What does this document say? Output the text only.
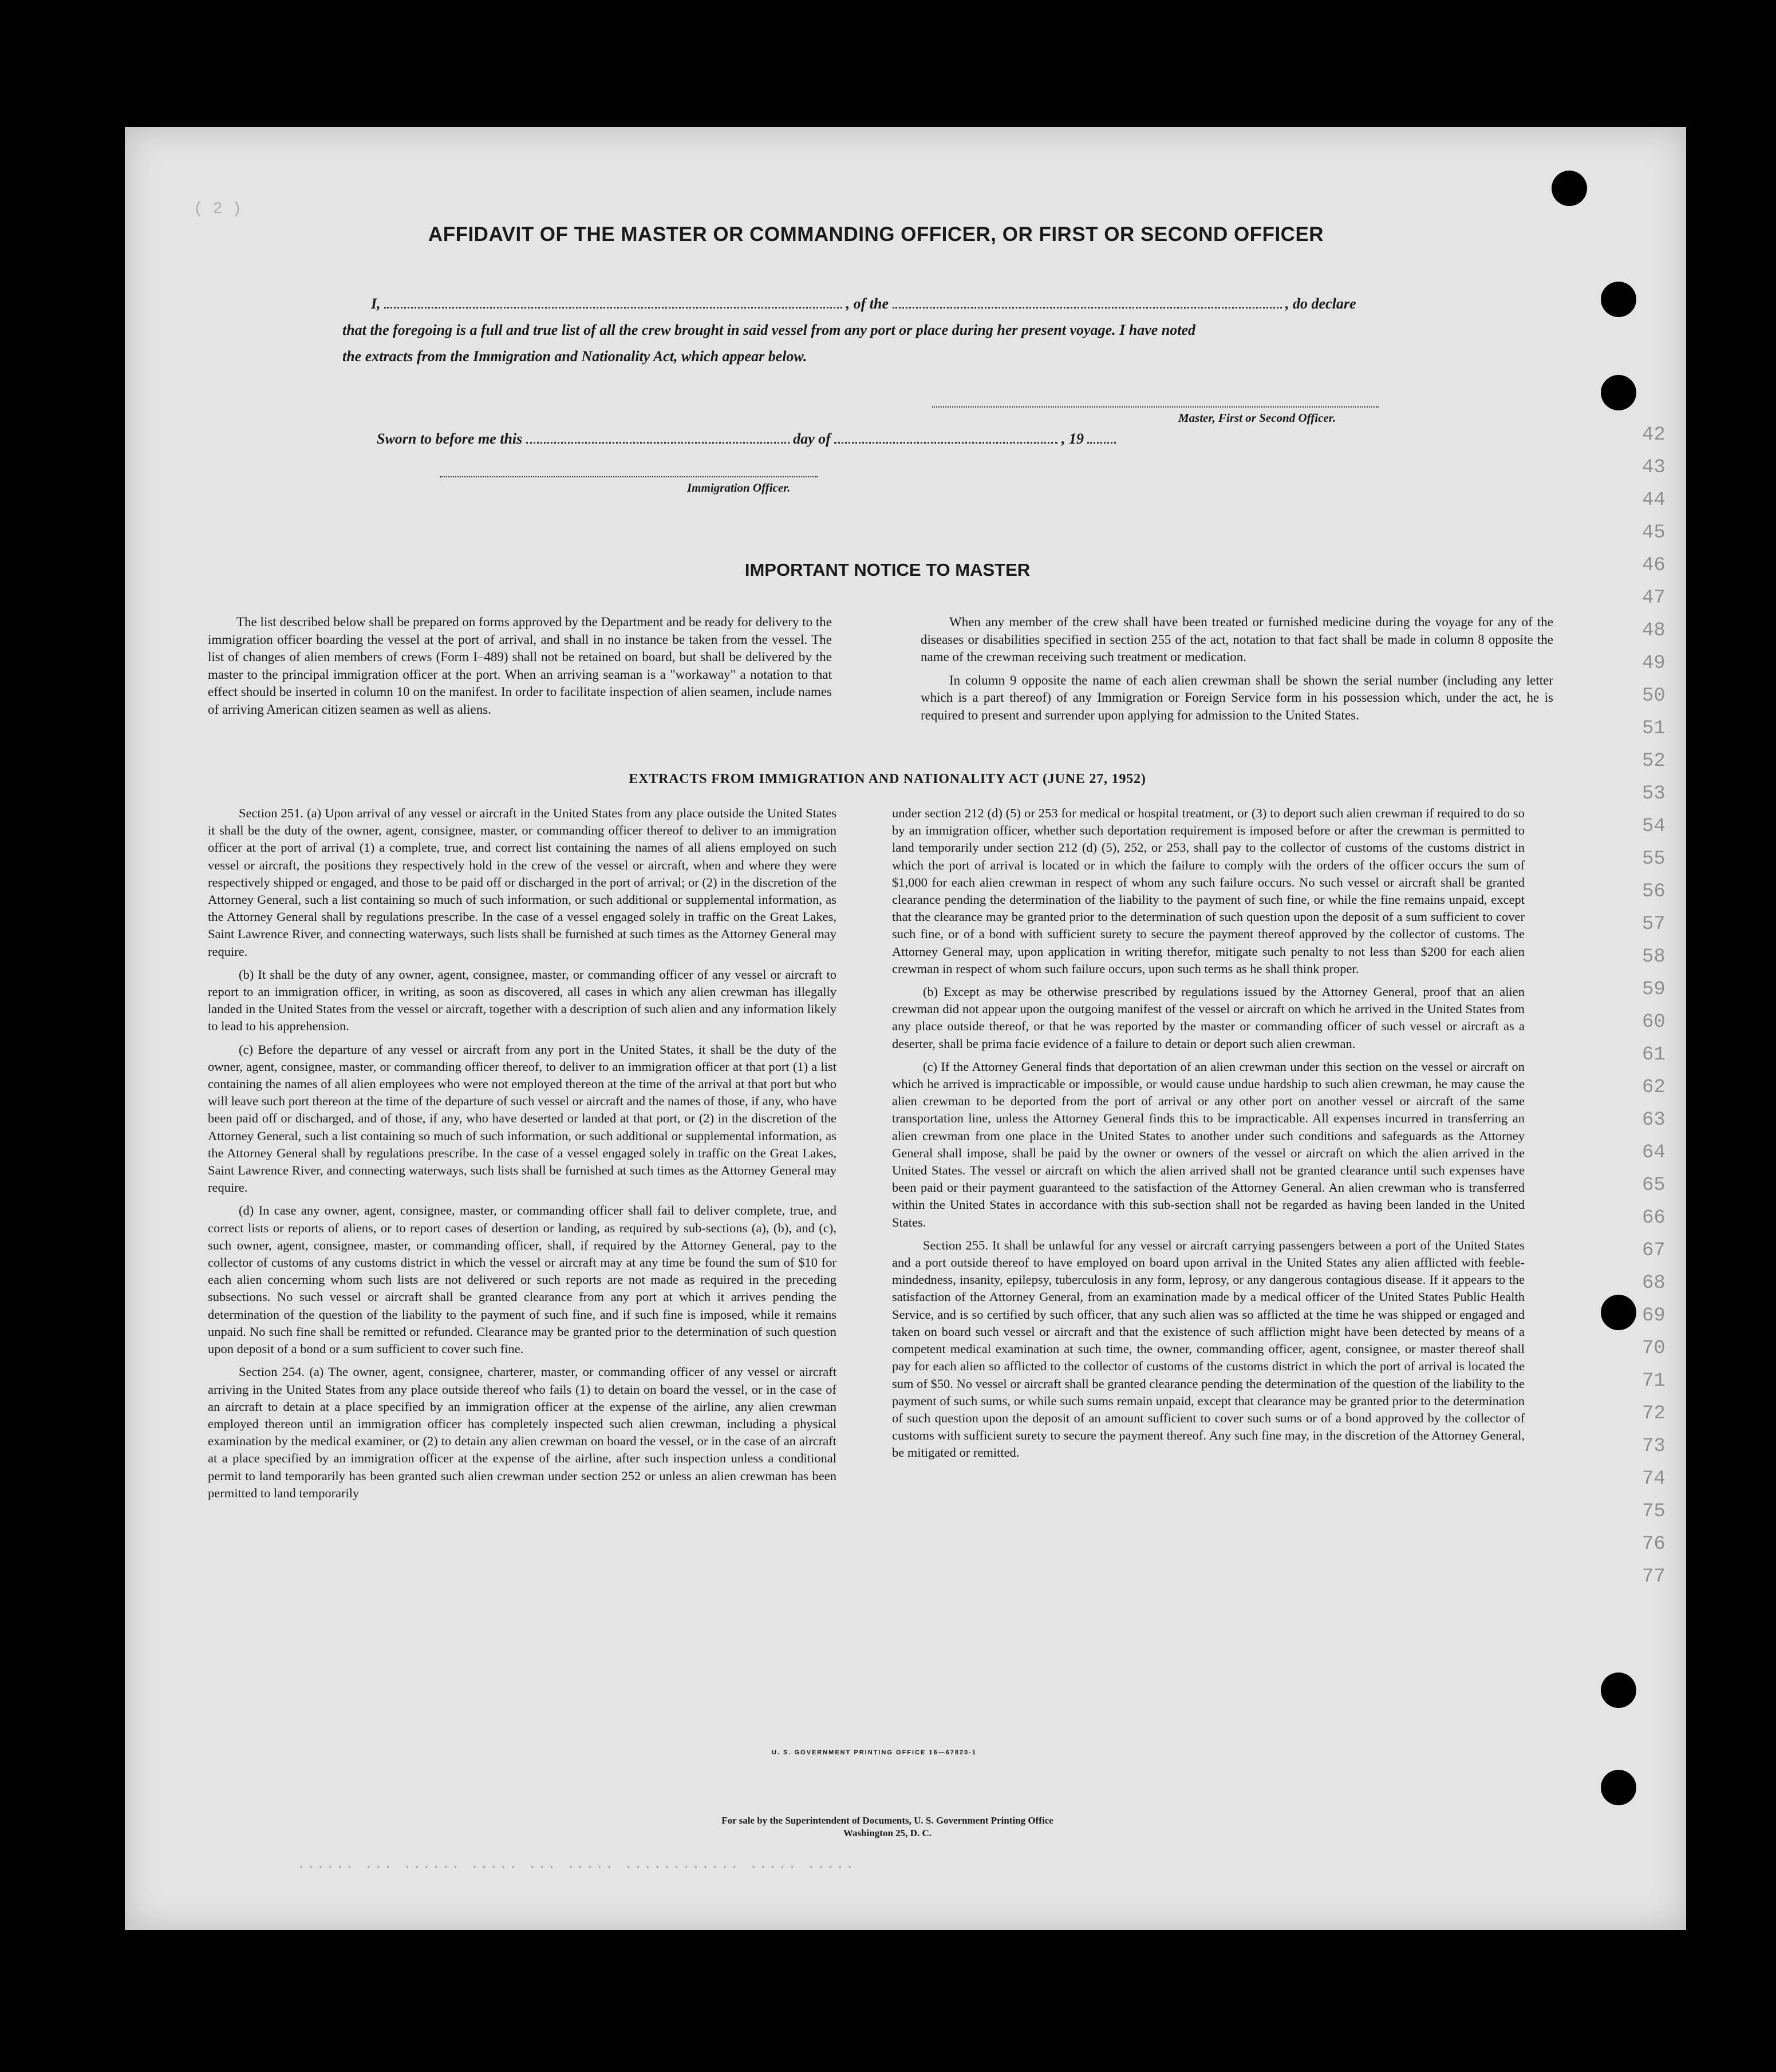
( 2 )
42
43
44
45
46
47
48
49
50
51
52
53
54
55
56
57
58
59
60
61
62
63
64
65
66
67
68
69
70
71
72
73
74
75
76
77
AFFIDAVIT OF THE MASTER OR COMMANDING OFFICER, OR FIRST OR SECOND OFFICER
I,	, of the	, do declare
that the foregoing is a full and true list of all the crew brought in said vessel from any port or place during her present voyage. I have noted
the extracts from the Immigration and Nationality Act, which appear below.
Master, First or Second Officer.
Sworn to before me this	day of	, 19
Immigration Officer.
IMPORTANT NOTICE TO MASTER

The list described below shall be prepared on forms approved by the Department and be ready for delivery to the immigration officer boarding the vessel at the port of arrival, and shall in no instance be taken from the vessel. The list of changes of alien members of crews (Form I–489) shall not be retained on board, but shall be delivered by the master to the principal immigration officer at the port. When an arriving seaman is a "workaway" a notation to that effect should be inserted in column 10 on the manifest. In order to facilitate inspection of alien seamen, include names of arriving American citizen seamen as well as aliens.

When any member of the crew shall have been treated or furnished medicine during the voyage for any of the diseases or disabilities specified in section 255 of the act, notation to that fact shall be made in column 8 opposite the name of the crewman receiving such treatment or medication.

In column 9 opposite the name of each alien crewman shall be shown the serial number (including any letter which is a part thereof) of any Immigration or Foreign Service form in his possession which, under the act, he is required to present and surrender upon applying for admission to the United States.

EXTRACTS FROM IMMIGRATION AND NATIONALITY ACT (JUNE 27, 1952)

Section 251. (a) Upon arrival of any vessel or aircraft in the United States from any place outside the United States it shall be the duty of the owner, agent, consignee, master, or commanding officer thereof to deliver to an immigration officer at the port of arrival (1) a complete, true, and correct list containing the names of all aliens employed on such vessel or aircraft, the positions they respectively hold in the crew of the vessel or aircraft, when and where they were respectively shipped or engaged, and those to be paid off or discharged in the port of arrival; or (2) in the discretion of the Attorney General, such a list containing so much of such information, or such additional or supplemental information, as the Attorney General shall by regulations prescribe. In the case of a vessel engaged solely in traffic on the Great Lakes, Saint Lawrence River, and connecting waterways, such lists shall be furnished at such times as the Attorney General may require.

(b) It shall be the duty of any owner, agent, consignee, master, or commanding officer of any vessel or aircraft to report to an immigration officer, in writing, as soon as discovered, all cases in which any alien crewman has illegally landed in the United States from the vessel or aircraft, together with a description of such alien and any information likely to lead to his apprehension.

(c) Before the departure of any vessel or aircraft from any port in the United States, it shall be the duty of the owner, agent, consignee, master, or commanding officer thereof, to deliver to an immigration officer at that port (1) a list containing the names of all alien employees who were not employed thereon at the time of the arrival at that port but who will leave such port thereon at the time of the departure of such vessel or aircraft and the names of those, if any, who have been paid off or discharged, and of those, if any, who have deserted or landed at that port, or (2) in the discretion of the Attorney General, such a list containing so much of such information, or such additional or supplemental information, as the Attorney General shall by regulations prescribe. In the case of a vessel engaged solely in traffic on the Great Lakes, Saint Lawrence River, and connecting waterways, such lists shall be furnished at such times as the Attorney General may require.

(d) In case any owner, agent, consignee, master, or commanding officer shall fail to deliver complete, true, and correct lists or reports of aliens, or to report cases of desertion or landing, as required by sub-sections (a), (b), and (c), such owner, agent, consignee, master, or commanding officer, shall, if required by the Attorney General, pay to the collector of customs of any customs district in which the vessel or aircraft may at any time be found the sum of $10 for each alien concerning whom such lists are not delivered or such reports are not made as required in the preceding subsections. No such vessel or aircraft shall be granted clearance from any port at which it arrives pending the determination of the question of the liability to the payment of such fine, and if such fine is imposed, while it remains unpaid. No such fine shall be remitted or refunded. Clearance may be granted prior to the determination of such question upon deposit of a bond or a sum sufficient to cover such fine.

Section 254. (a) The owner, agent, consignee, charterer, master, or commanding officer of any vessel or aircraft arriving in the United States from any place outside thereof who fails (1) to detain on board the vessel, or in the case of an aircraft to detain at a place specified by an immigration officer at the expense of the airline, any alien crewman employed thereon until an immigration officer has completely inspected such alien crewman, including a physical examination by the medical examiner, or (2) to detain any alien crewman on board the vessel, or in the case of an aircraft at a place specified by an immigration officer at the expense of the airline, after such inspection unless a conditional permit to land temporarily has been granted such alien crewman under section 252 or unless an alien crewman has been permitted to land temporarily

under section 212 (d) (5) or 253 for medical or hospital treatment, or (3) to deport such alien crewman if required to do so by an immigration officer, whether such deportation requirement is imposed before or after the crewman is permitted to land temporarily under section 212 (d) (5), 252, or 253, shall pay to the collector of customs of the customs district in which the port of arrival is located or in which the failure to comply with the orders of the officer occurs the sum of $1,000 for each alien crewman in respect of whom any such failure occurs. No such vessel or aircraft shall be granted clearance pending the determination of the liability to the payment of such fine, or while the fine remains unpaid, except that the clearance may be granted prior to the determination of such question upon the deposit of a sum sufficient to cover such fine, or of a bond with sufficient surety to secure the payment thereof approved by the collector of customs. The Attorney General may, upon application in writing therefor, mitigate such penalty to not less than $200 for each alien crewman in respect of whom such failure occurs, upon such terms as he shall think proper.

(b) Except as may be otherwise prescribed by regulations issued by the Attorney General, proof that an alien crewman did not appear upon the outgoing manifest of the vessel or aircraft on which he arrived in the United States from any place outside thereof, or that he was reported by the master or commanding officer of such vessel or aircraft as a deserter, shall be prima facie evidence of a failure to detain or deport such alien crewman.

(c) If the Attorney General finds that deportation of an alien crewman under this section on the vessel or aircraft on which he arrived is impracticable or impossible, or would cause undue hardship to such alien crewman, he may cause the alien crewman to be deported from the port of arrival or any other port on another vessel or aircraft of the same transportation line, unless the Attorney General finds this to be impracticable. All expenses incurred in transferring an alien crewman from one place in the United States to another under such conditions and safeguards as the Attorney General shall impose, shall be paid by the owner or owners of the vessel or aircraft on which the alien arrived in the United States. The vessel or aircraft on which the alien arrived shall not be granted clearance until such expenses have been paid or their payment guaranteed to the satisfaction of the Attorney General. An alien crewman who is transferred within the United States in accordance with this sub-section shall not be regarded as having been landed in the United States.

Section 255. It shall be unlawful for any vessel or aircraft carrying passengers between a port of the United States and a port outside thereof to have employed on board upon arrival in the United States any alien afflicted with feeble-mindedness, insanity, epilepsy, tuberculosis in any form, leprosy, or any dangerous contagious disease. If it appears to the satisfaction of the Attorney General, from an examination made by a medical officer of the United States Public Health Service, and is so certified by such officer, that any such alien was so afflicted at the time he was shipped or engaged and taken on board such vessel or aircraft and that the existence of such affliction might have been detected by means of a competent medical examination at such time, the owner, commanding officer, agent, consignee, or master thereof shall pay for each alien so afflicted to the collector of customs of the customs district in which the port of arrival is located the sum of $50. No vessel or aircraft shall be granted clearance pending the determination of the question of the liability to the payment of such sums, or while such sums remain unpaid, except that clearance may be granted prior to the determination of such question upon the deposit of an amount sufficient to cover such sums or of a bond approved by the collector of customs with sufficient surety to secure the payment thereof. Any such fine may, in the discretion of the Attorney General, be mitigated or remitted.

U. S. GOVERNMENT PRINTING OFFICE 16—67820-1
For sale by the Superintendent of Documents, U. S. Government Printing Office
Washington 25, D. C.
...... ... ...... ..... ... ..... ............ ..... .....
